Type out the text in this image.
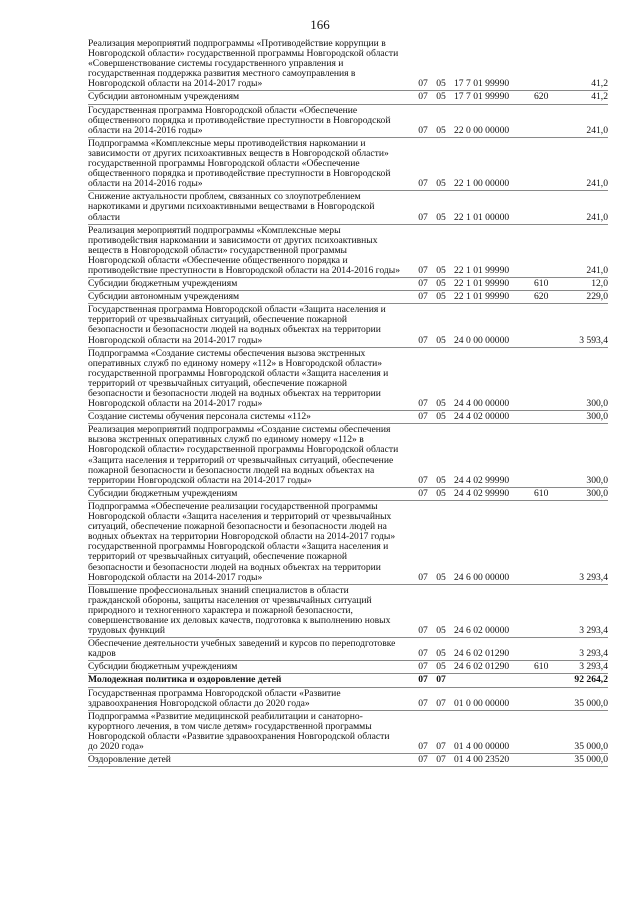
166
Реализация мероприятий подпрограммы «Противодействие коррупции в Новгородской области» государственной программы Новгородской области «Совершенствование системы государственного управления и государственная поддержка развития местного самоуправления в Новгородской области на 2014-2017 годы»	07 05 17 7 01 99990	41,2
Субсидии автономным учреждениям	07 05 17 7 01 99990	620	41,2
Государственная программа Новгородской области «Обеспечение общественного порядка и противодействие преступности в Новгородской области на 2014-2016 годы»	07 05 22 0 00 00000	241,0
Подпрограмма «Комплексные меры противодействия наркомании и зависимости от других психоактивных веществ в Новгородской области» государственной программы Новгородской области «Обеспечение общественного порядка и противодействие преступности в Новгородской области на 2014-2016 годы»	07 05 22 1 00 00000	241,0
Снижение актуальности проблем, связанных со злоупотреблением наркотиками и другими психоактивными веществами в Новгородской области	07 05 22 1 01 00000	241,0
Реализация мероприятий подпрограммы «Комплексные меры противодействия наркомании и зависимости от других психоактивных веществ в Новгородской области» государственной программы Новгородской области «Обеспечение общественного порядка и противодействие преступности в Новгородской области на 2014-2016 годы»	07 05 22 1 01 99990	241,0
Субсидии бюджетным учреждениям	07 05 22 1 01 99990	610	12,0
Субсидии автономным учреждениям	07 05 22 1 01 99990	620	229,0
Государственная программа Новгородской области «Защита населения и территорий от чрезвычайных ситуаций, обеспечение пожарной безопасности и безопасности людей на водных объектах на территории Новгородской области на 2014-2017 годы»	07 05 24 0 00 00000	3 593,4
Подпрограмма «Создание системы обеспечения вызова экстренных оперативных служб по единому номеру «112» в Новгородской области» государственной программы Новгородской области «Защита населения и территорий от чрезвычайных ситуаций, обеспечение пожарной безопасности и безопасности людей на водных объектах на территории Новгородской области на 2014-2017 годы»	07 05 24 4 00 00000	300,0
Создание системы обучения персонала системы «112»	07 05 24 4 02 00000	300,0
Реализация мероприятий подпрограммы «Создание системы обеспечения вызова экстренных оперативных служб по единому номеру «112» в Новгородской области» государственной программы Новгородской области «Защита населения и территорий от чрезвычайных ситуаций, обеспечение пожарной безопасности и безопасности людей на водных объектах на территории Новгородской области на 2014-2017 годы»	07 05 24 4 02 99990	300,0
Субсидии бюджетным учреждениям	07 05 24 4 02 99990	610	300,0
Подпрограмма «Обеспечение реализации государственной программы Новгородской области «Защита населения и территорий от чрезвычайных ситуаций, обеспечение пожарной безопасности и безопасности людей на водных объектах на территории Новгородской области на 2014-2017 годы» государственной программы Новгородской области «Защита населения и территорий от чрезвычайных ситуаций, обеспечение пожарной безопасности и безопасности людей на водных объектах на территории Новгородской области на 2014-2017 годы»	07 05 24 6 00 00000	3 293,4
Повышение профессиональных знаний специалистов в области гражданской обороны, защиты населения от чрезвычайных ситуаций природного и техногенного характера и пожарной безопасности, совершенствование их деловых качеств, подготовка к выполнению новых трудовых функций	07 05 24 6 02 00000	3 293,4
Обеспечение деятельности учебных заведений и курсов по переподготовке кадров	07 05 24 6 02 01290	3 293,4
Субсидии бюджетным учреждениям	07 05 24 6 02 01290	610	3 293,4
Молодежная политика и оздоровление детей	07 07	92 264,2
Государственная программа Новгородской области «Развитие здравоохранения Новгородской области до 2020 года»	07 07 01 0 00 00000	35 000,0
Подпрограмма «Развитие медицинской реабилитации и санаторно-курортного лечения, в том числе детям» государственной программы Новгородской области «Развитие здравоохранения Новгородской области до 2020 года»	07 07 01 4 00 00000	35 000,0
Оздоровление детей	07 07 01 4 00 23520	35 000,0
